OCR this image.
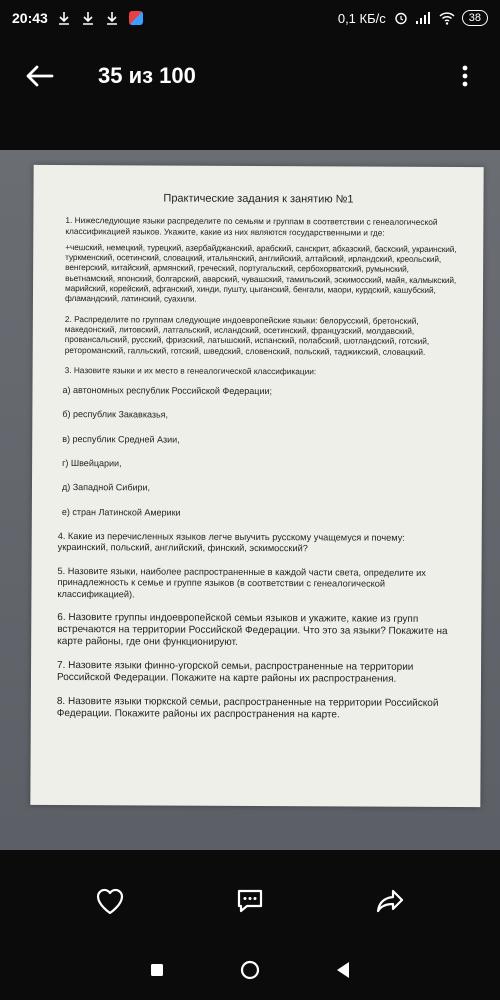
20:43	0,1 КБ/с	38
35 из 100
Практические задания к занятию №1
1. Нижеследующие языки распределите по семьям и группам в соответствии с генеалогической классификацией языков. Укажите, какие из них являются государственными и где:
+чешский, немецкий, турецкий, азербайджанский, арабский, санскрит, абхазский, баскский, украинский, туркменский, осетинский, словацкий, итальянский, английский, алтайский, ирландский, креольский, венгерский, китайский, армянский, греческий, португальский, сербохорватский, румынский, вьетнамский, японский, болгарский, аварский, чувашский, тамильский, эскимосский, майя, калмыкский, марийский, корейский, афганский, хинди, пушту, цыганский, бенгали, маори, курдский, кашубский, фламандский, латинский, суахили.
2. Распределите по группам следующие индоевропейские языки: белорусский, бретонский, македонский, литовский, латгальский, исландский, осетинский, французский, молдавский, провансальский, русский, фризский, латышский, испанский, полабский, шотландский, готский, ретороманский, галльский, готский, шведский, словенский, польский, таджикский, словацкий.
3. Назовите языки и их место в генеалогической классификации:
а) автономных республик Российской Федерации;
б) республик Закавказья,
в) республик Средней Азии,
г) Швейцарии,
д) Западной Сибири,
е) стран Латинской Америки
4. Какие из перечисленных языков легче выучить русскому учащемуся и почему: украинский, польский, английский, финский, эскимосский?
5. Назовите языки, наиболее распространенные в каждой части света, определите их принадлежность к семье и группе языков (в соответствии с генеалогической классификацией).
6. Назовите группы индоевропейской семьи языков и укажите, какие из групп встречаются на территории Российской Федерации. Что это за языки? Покажите на карте районы, где они функционируют.
7. Назовите языки финно-угорской семьи, распространенные на территории Российской Федерации. Покажите на карте районы их распространения.
8. Назовите языки тюркской семьи, распространенные на территории Российской Федерации. Покажите районы их распространения на карте.
